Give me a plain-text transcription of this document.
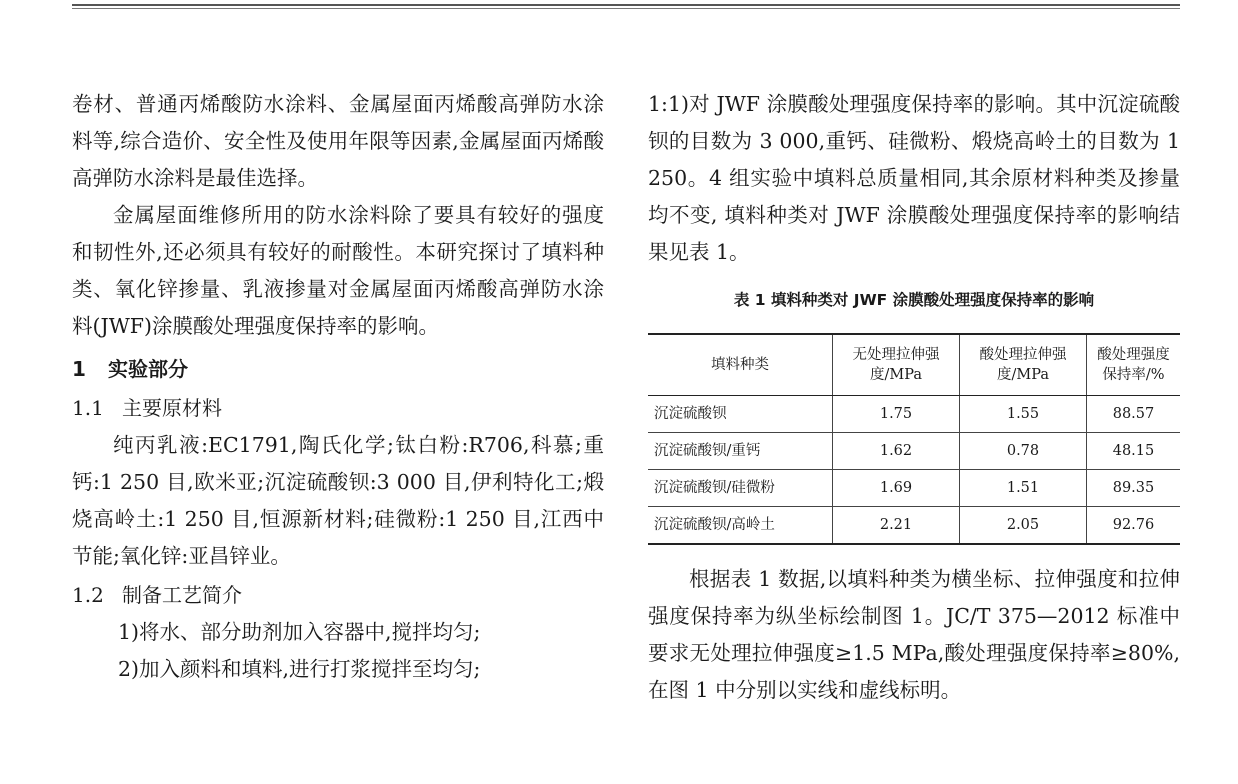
卷材、普通丙烯酸防水涂料、金属屋面丙烯酸高弹防水涂料等,综合造价、安全性及使用年限等因素,金属屋面丙烯酸高弹防水涂料是最佳选择。

金属屋面维修所用的防水涂料除了要具有较好的强度和韧性外,还必须具有较好的耐酸性。本研究探讨了填料种类、氧化锌掺量、乳液掺量对金属屋面丙烯酸高弹防水涂料(JWF)涂膜酸处理强度保持率的影响。

1 实验部分
1.1 主要原材料

纯丙乳液:EC1791,陶氏化学;钛白粉:R706,科慕;重钙:1 250 目,欧米亚;沉淀硫酸钡:3 000 目,伊利特化工;煅烧高岭土:1 250 目,恒源新材料;硅微粉:1 250 目,江西中节能;氧化锌:亚昌锌业。

1.2 制备工艺简介

1)将水、部分助剂加入容器中,搅拌均匀;

2)加入颜料和填料,进行打浆搅拌至均匀;

1:1)对 JWF 涂膜酸处理强度保持率的影响。其中沉淀硫酸钡的目数为 3 000,重钙、硅微粉、煅烧高岭土的目数为 1 250。4 组实验中填料总质量相同,其余原材料种类及掺量均不变, 填料种类对 JWF 涂膜酸处理强度保持率的影响结果见表 1。

表 1 填料种类对 JWF 涂膜酸处理强度保持率的影响
填料种类	无处理拉伸强度/MPa	酸处理拉伸强度/MPa	酸处理强度保持率/%
沉淀硫酸钡	1.75	1.55	88.57
沉淀硫酸钡/重钙	1.62	0.78	48.15
沉淀硫酸钡/硅微粉	1.69	1.51	89.35
沉淀硫酸钡/高岭土	2.21	2.05	92.76

根据表 1 数据,以填料种类为横坐标、拉伸强度和拉伸强度保持率为纵坐标绘制图 1。JC/T 375—2012 标准中要求无处理拉伸强度≥1.5 MPa,酸处理强度保持率≥80%, 在图 1 中分别以实线和虚线标明。
